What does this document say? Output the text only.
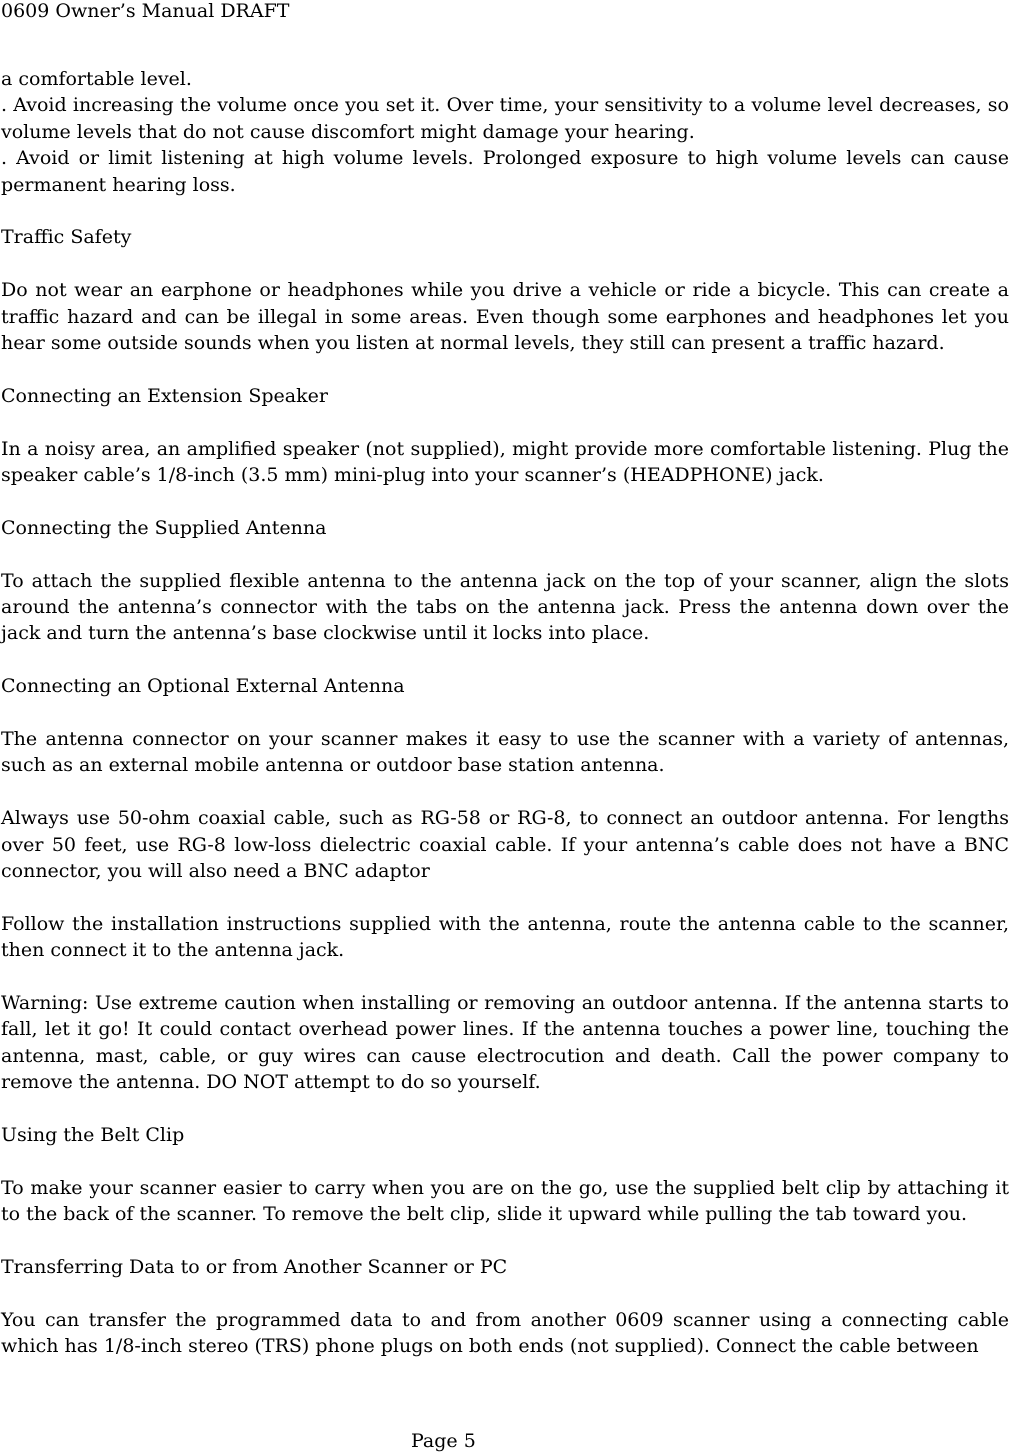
0609 Owner’s Manual DRAFT

a comfortable level.

. Avoid increasing the volume once you set it. Over time, your sensitivity to a volume level decreases, so volume levels that do not cause discomfort might damage your hearing.

. Avoid or limit listening at high volume levels. Prolonged exposure to high volume levels can cause permanent hearing loss.

Traffic Safety

Do not wear an earphone or headphones while you drive a vehicle or ride a bicycle. This can create a traffic hazard and can be illegal in some areas. Even though some earphones and headphones let you hear some outside sounds when you listen at normal levels, they still can present a traffic hazard.

Connecting an Extension Speaker

In a noisy area, an amplified speaker (not supplied), might provide more comfortable listening. Plug the speaker cable’s 1/8-inch (3.5 mm) mini-plug into your scanner’s (HEADPHONE) jack.

Connecting the Supplied Antenna

To attach the supplied flexible antenna to the antenna jack on the top of your scanner, align the slots around the antenna’s connector with the tabs on the antenna jack. Press the antenna down over the jack and turn the antenna’s base clockwise until it locks into place.

Connecting an Optional External Antenna

The antenna connector on your scanner makes it easy to use the scanner with a variety of antennas, such as an external mobile antenna or outdoor base station antenna.

Always use 50-ohm coaxial cable, such as RG-58 or RG-8, to connect an outdoor antenna. For lengths over 50 feet, use RG-8 low-loss dielectric coaxial cable. If your antenna’s cable does not have a BNC connector, you will also need a BNC adaptor

Follow the installation instructions supplied with the antenna, route the antenna cable to the scanner, then connect it to the antenna jack.

Warning: Use extreme caution when installing or removing an outdoor antenna. If the antenna starts to fall, let it go! It could contact overhead power lines. If the antenna touches a power line, touching the antenna, mast, cable, or guy wires can cause electrocution and death. Call the power company to remove the antenna. DO NOT attempt to do so yourself.

Using the Belt Clip

To make your scanner easier to carry when you are on the go, use the supplied belt clip by attaching it to the back of the scanner. To remove the belt clip, slide it upward while pulling the tab toward you.

Transferring Data to or from Another Scanner or PC

You can transfer the programmed data to and from another 0609 scanner using a connecting cable which has 1/8-inch stereo (TRS) phone plugs on both ends (not supplied). Connect the cable between

Page 5
